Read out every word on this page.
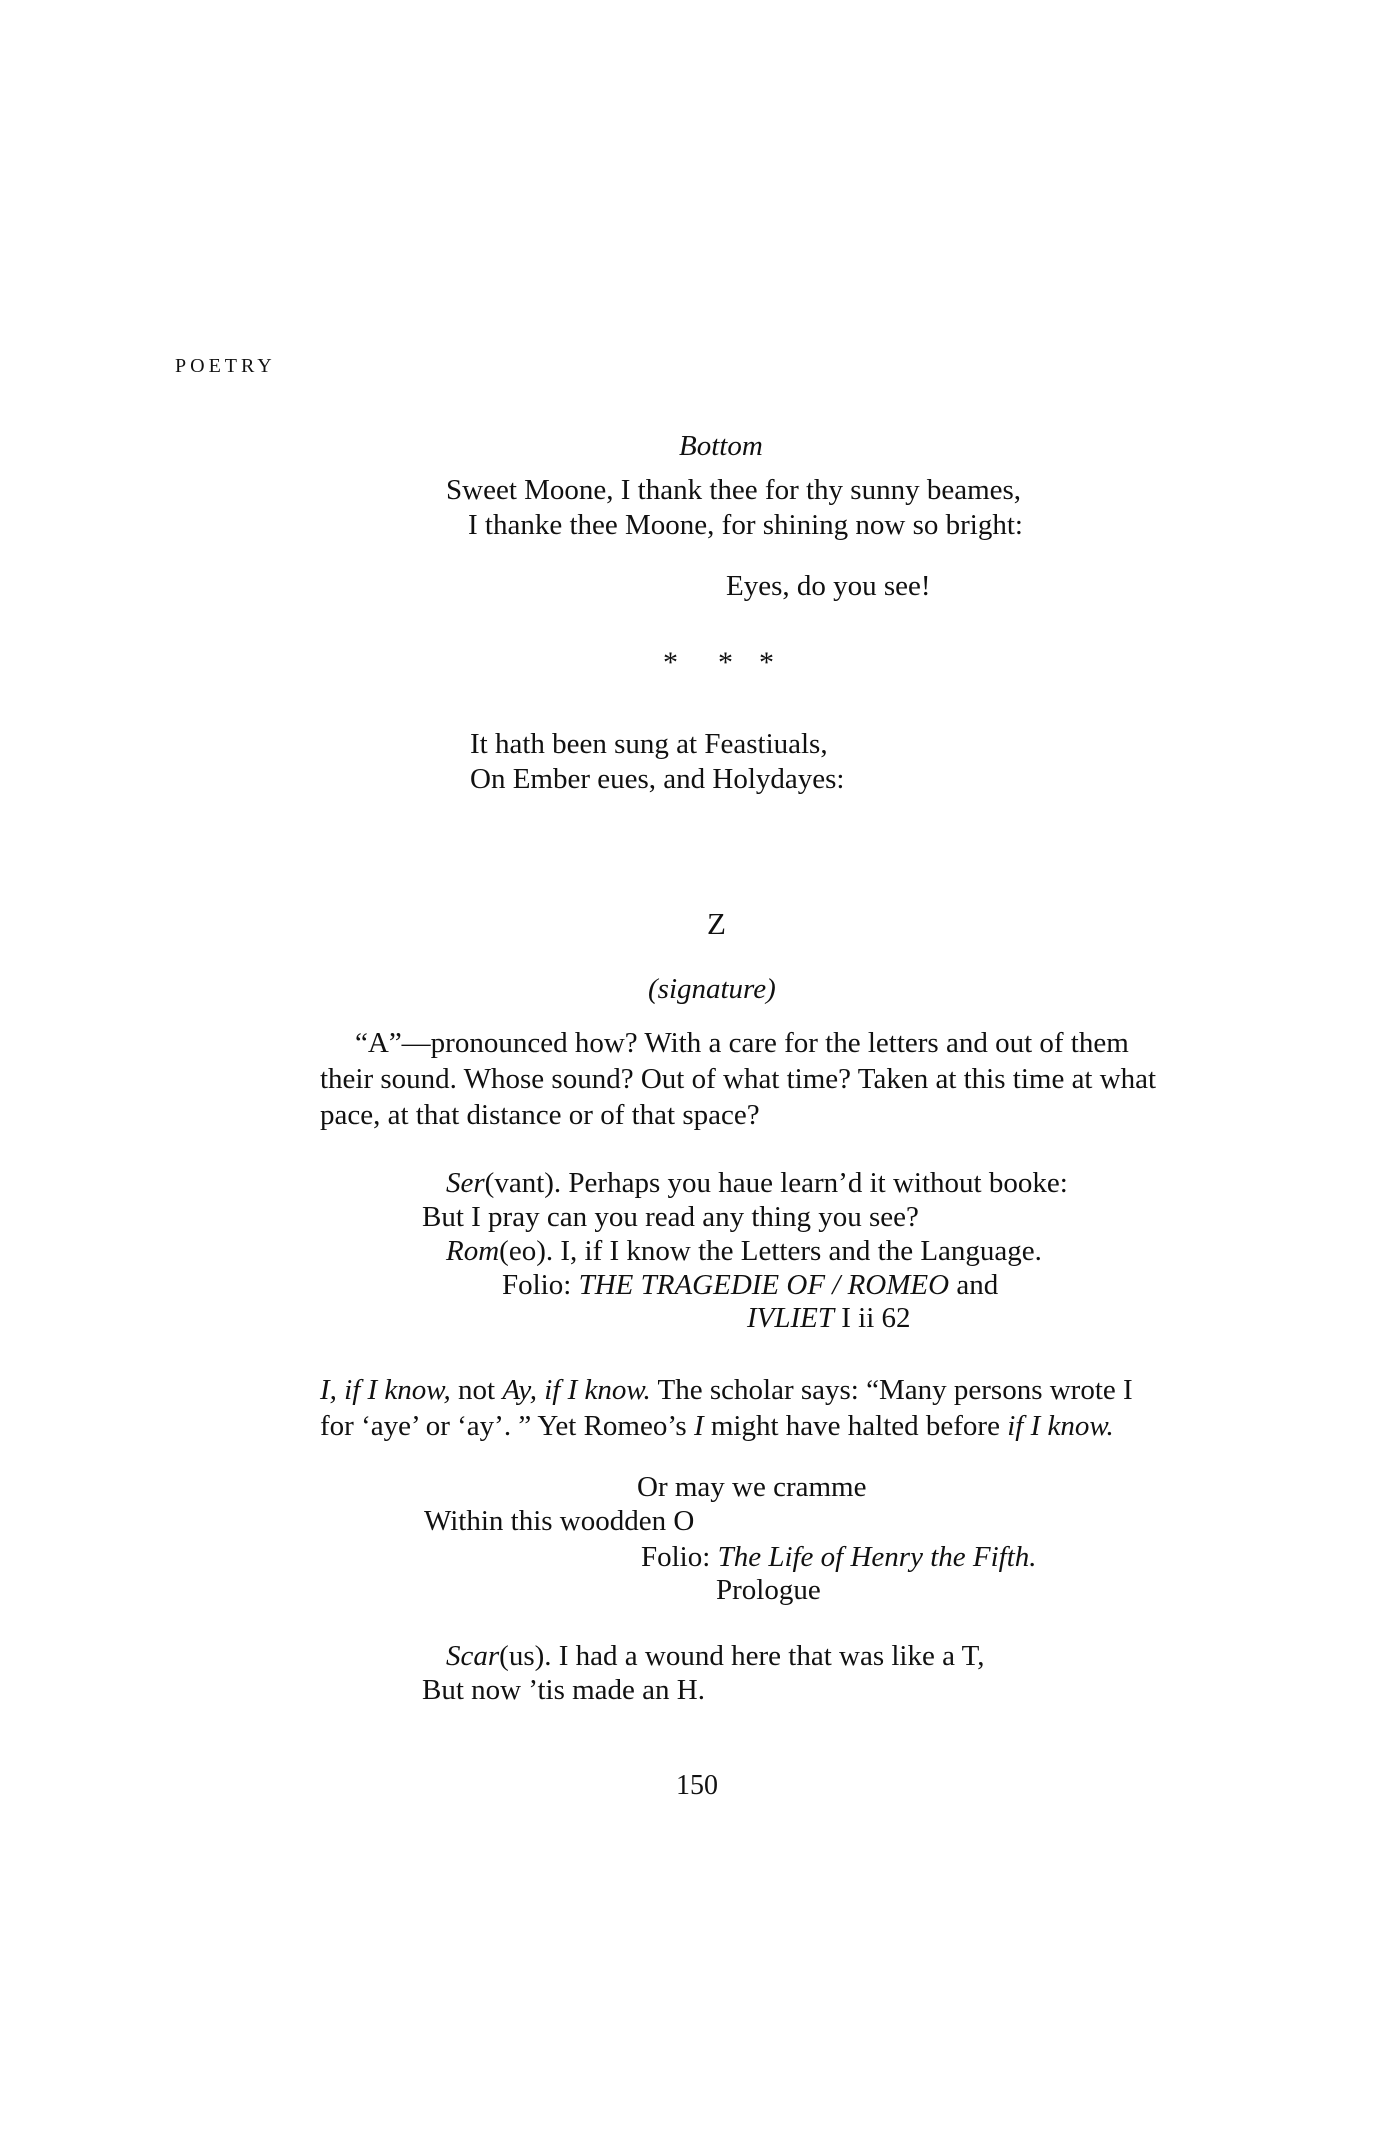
POETRY
Bottom
Sweet Moone, I thank thee for thy sunny beames,
I thanke thee Moone, for shining now so bright:
Eyes, do you see!
* * *
It hath been sung at Feastiuals,
On Ember eues, and Holydayes:
Z
(signature)
“A”—pronounced how? With a care for the letters and out of them
their sound. Whose sound? Out of what time? Taken at this time at what
pace, at that distance or of that space?
Ser(vant). Perhaps you haue learn’d it without booke:
But I pray can you read any thing you see?
Rom(eo). I, if I know the Letters and the Language.
Folio: THE TRAGEDIE OF / ROMEO and
IVLIET I ii 62
I, if I know, not Ay, if I know. The scholar says: “Many persons wrote I
for ‘aye’ or ‘ay’. ” Yet Romeo’s I might have halted before if I know.
Or may we cramme
Within this woodden O
Folio: The Life of Henry the Fifth.
Prologue
Scar(us). I had a wound here that was like a T,
But now ’tis made an H.
150
